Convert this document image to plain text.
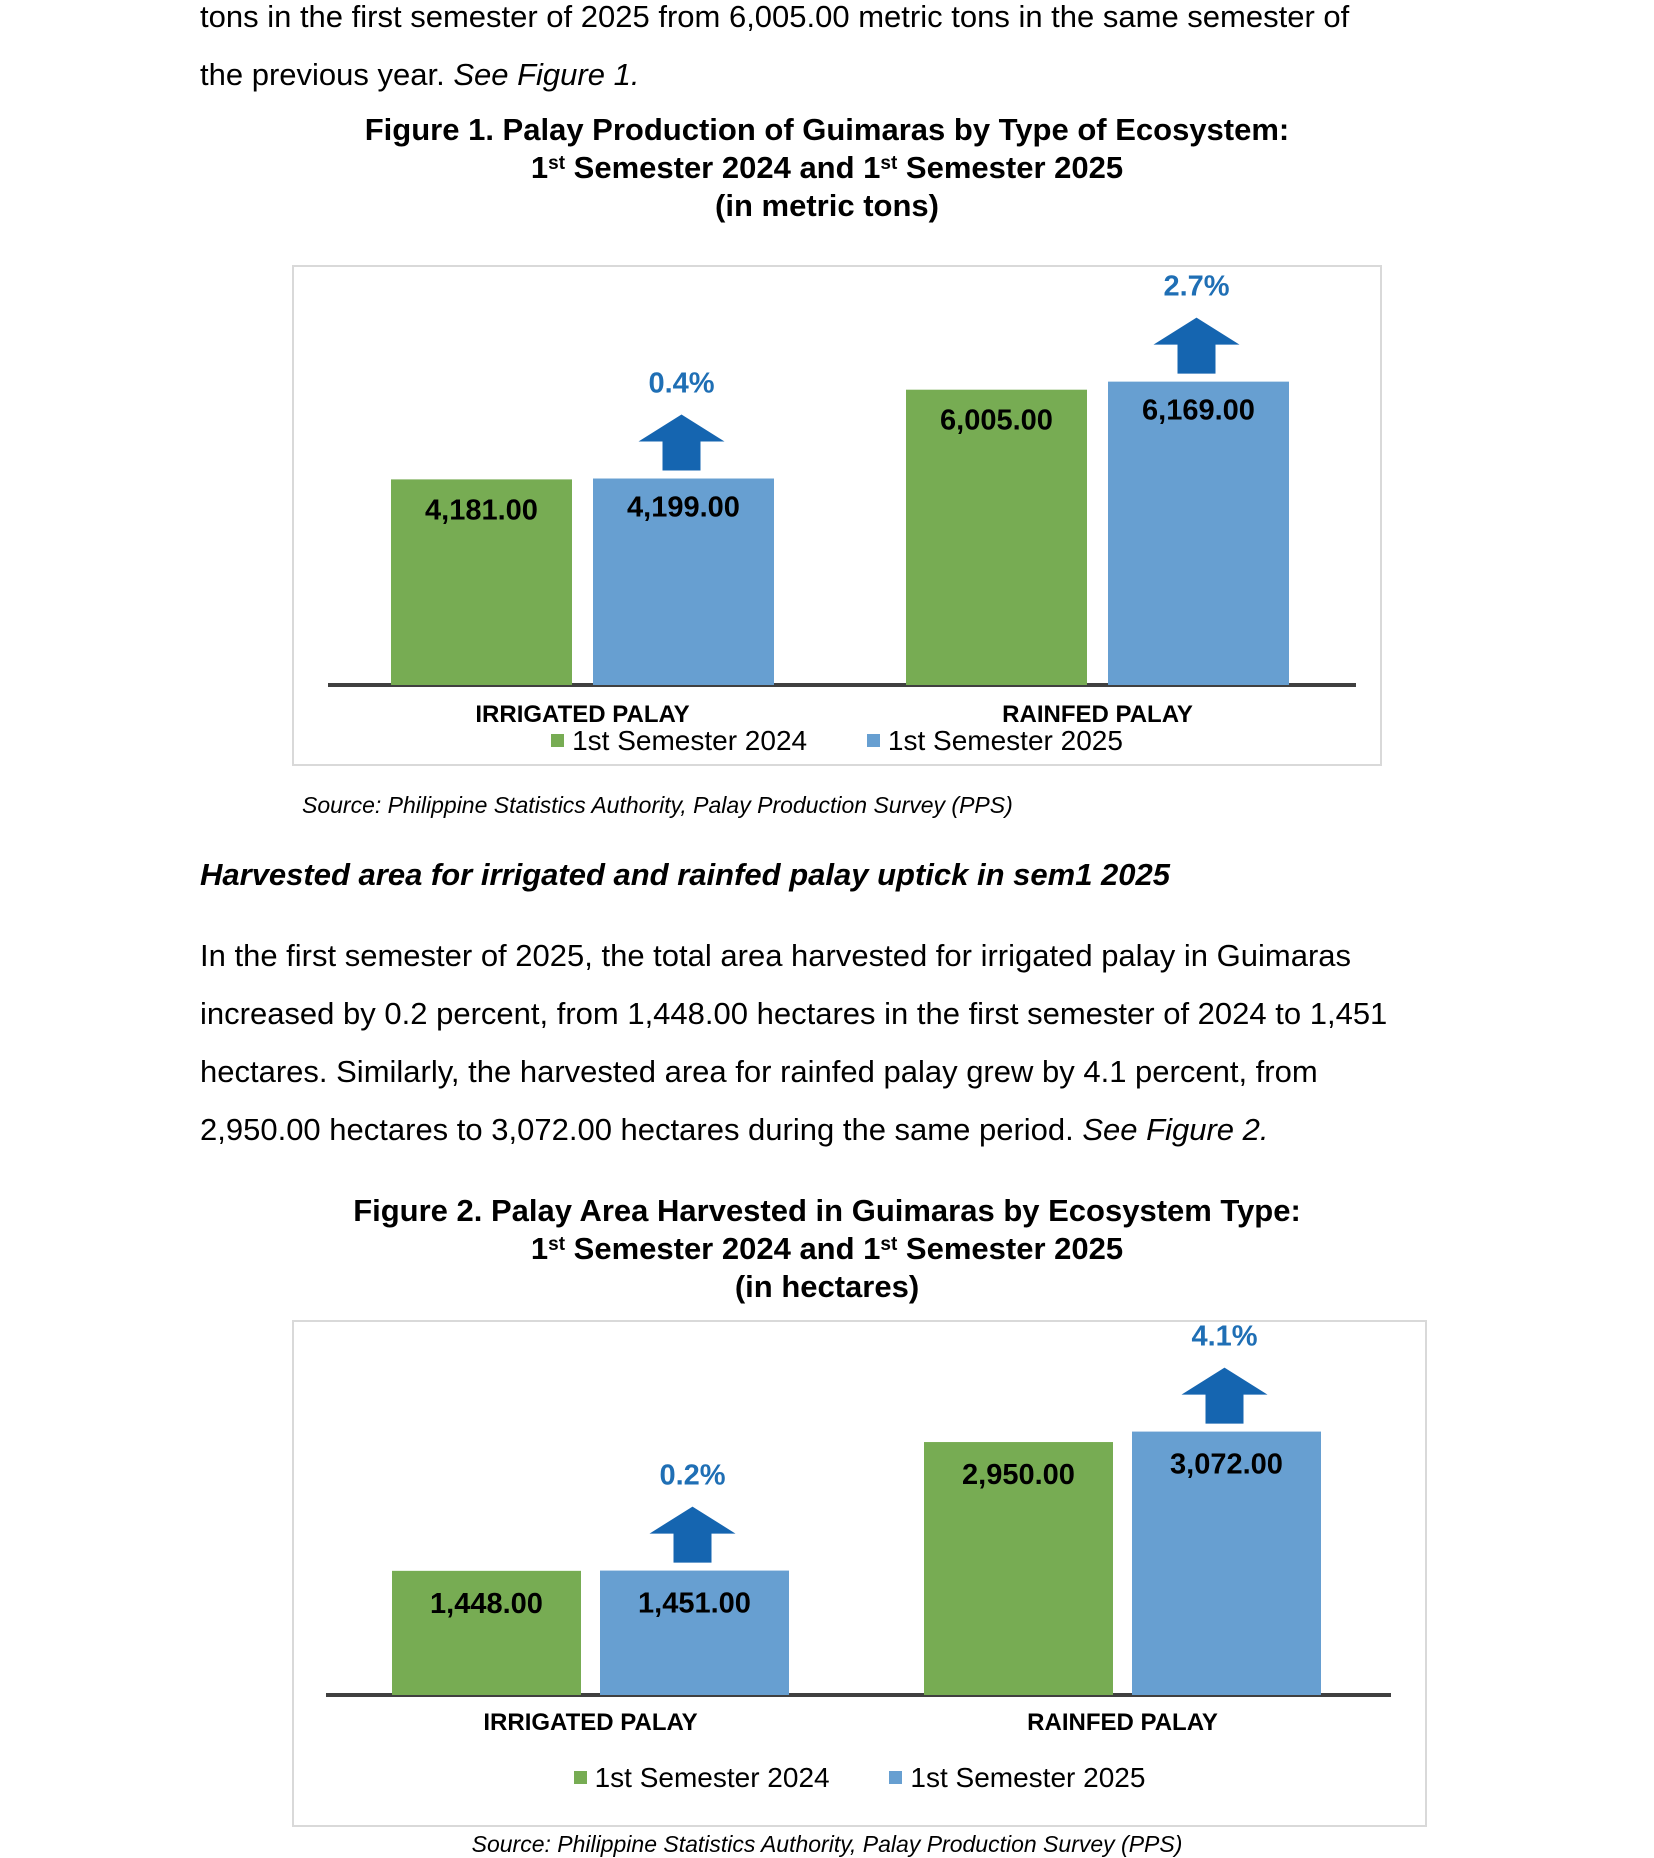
tons in the first semester of 2025 from 6,005.00 metric tons in the same semester of
the previous year. See Figure 1.

Figure 1. Palay Production of Guimaras by Type of Ecosystem:
1st Semester 2024 and 1st Semester 2025
(in metric tons)
4,181.00	4,199.00
IRRIGATED PALAY
0.4%
6,005.00	6,169.00
RAINFED PALAY
2.7%
1st Semester 2024	1st Semester 2025

Source: Philippine Statistics Authority, Palay Production Survey (PPS)

Harvested area for irrigated and rainfed palay uptick in sem1 2025

In the first semester of 2025, the total area harvested for irrigated palay in Guimaras
increased by 0.2 percent, from 1,448.00 hectares in the first semester of 2024 to 1,451
hectares. Similarly, the harvested area for rainfed palay grew by 4.1 percent, from
2,950.00 hectares to 3,072.00 hectares during the same period. See Figure 2.

Figure 2. Palay Area Harvested in Guimaras by Ecosystem Type:
1st Semester 2024 and 1st Semester 2025
(in hectares)
1,448.00	1,451.00
IRRIGATED PALAY
0.2%	2,950.00	3,072.00
RAINFED PALAY
4.1%
1st Semester 2024	1st Semester 2025

Source: Philippine Statistics Authority, Palay Production Survey (PPS)
